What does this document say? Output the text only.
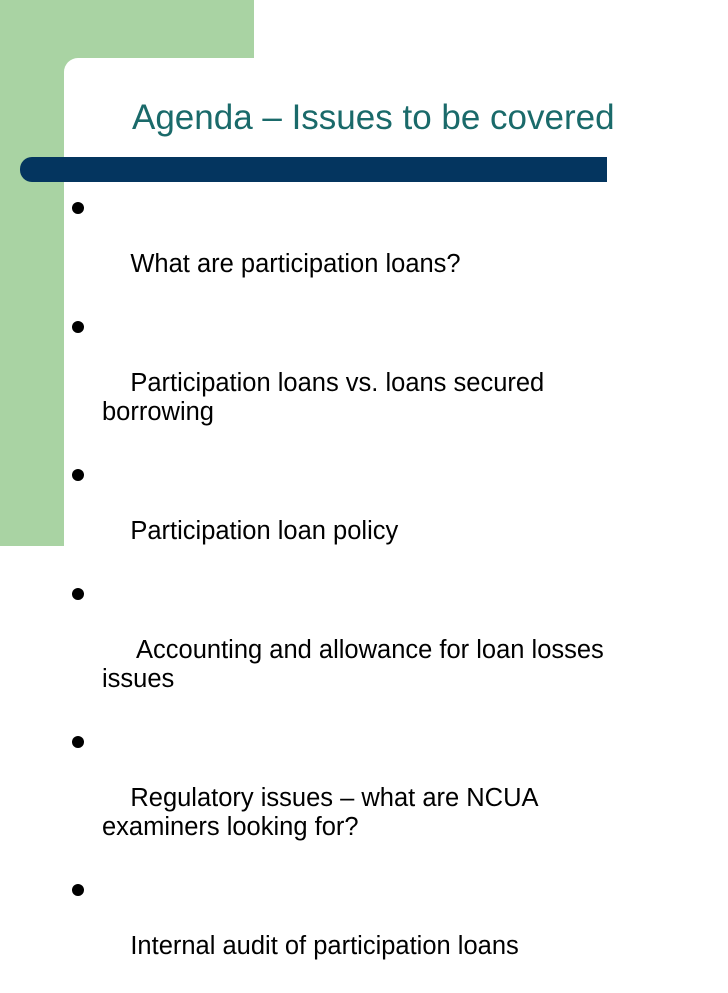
Agenda – Issues to be covered

What are participation loans?

Participation loans vs. loans secured
borrowing

Participation loan policy

Accounting and allowance for loan losses
issues

Regulatory issues – what are NCUA
examiners looking for?

Internal audit of participation loans
